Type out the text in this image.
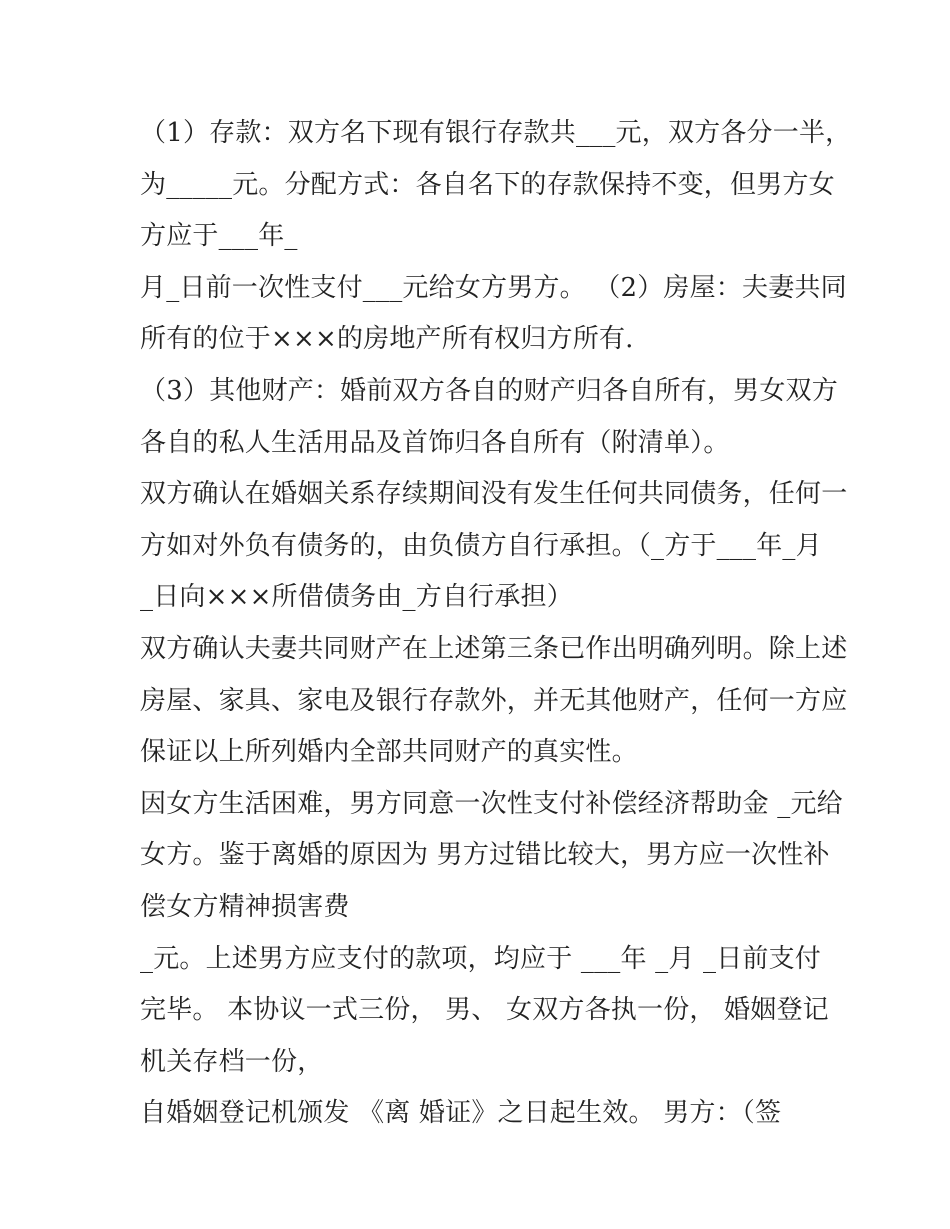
（1）存款：双方名下现有银行存款共___元，双方各分一半，
为_____元。分配方式：各自名下的存款保持不变，但男方女
方应于___年_
月_日前一次性支付___元给女方男方。 （2）房屋：夫妻共同
所有的位于×××的房地产所有权归方所有.
（3）其他财产：婚前双方各自的财产归各自所有，男女双方
各自的私人生活用品及首饰归各自所有（附清单）。
双方确认在婚姻关系存续期间没有发生任何共同债务，任何一
方如对外负有债务的，由负债方自行承担。（_方于___年_月
_日向×××所借债务由_方自行承担）
双方确认夫妻共同财产在上述第三条已作出明确列明。除上述
房屋、家具、家电及银行存款外，并无其他财产，任何一方应
保证以上所列婚内全部共同财产的真实性。
因女方生活困难，男方同意一次性支付补偿经济帮助金 _元给
女方。鉴于离婚的原因为 男方过错比较大，男方应一次性补
偿女方精神损害费
_元。上述男方应支付的款项，均应于 ___年 _月 _日前支付
完毕。 本协议一式三份， 男、 女双方各执一份， 婚姻登记
机关存档一份，
自婚姻登记机颁发 《离 婚证》之日起生效。 男方：（签
